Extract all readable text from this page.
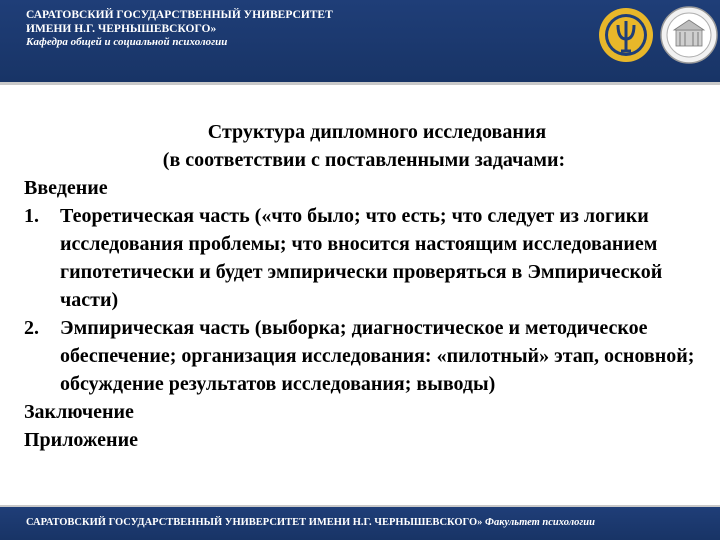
САРАТОВСКИЙ ГОСУДАРСТВЕННЫЙ УНИВЕРСИТЕТ
ИМЕНИ Н.Г. ЧЕРНЫШЕВСКОГО»
Кафедра общей и социальной психологии
Структура дипломного исследования
(в соответствии с поставленными задачами:
Введение
1.	Теоретическая часть («что было; что есть; что следует из логики исследования проблемы; что вносится настоящим исследованием гипотетически и будет эмпирически проверяться в Эмпирической части)
2.	Эмпирическая часть (выборка; диагностическое и методическое обеспечение; организация исследования: «пилотный» этап, основной; обсуждение результатов исследования; выводы)
Заключение
Приложение
САРАТОВСКИЙ ГОСУДАРСТВЕННЫЙ УНИВЕРСИТЕТ ИМЕНИ Н.Г. ЧЕРНЫШЕВСКОГО» Факультет психологии
